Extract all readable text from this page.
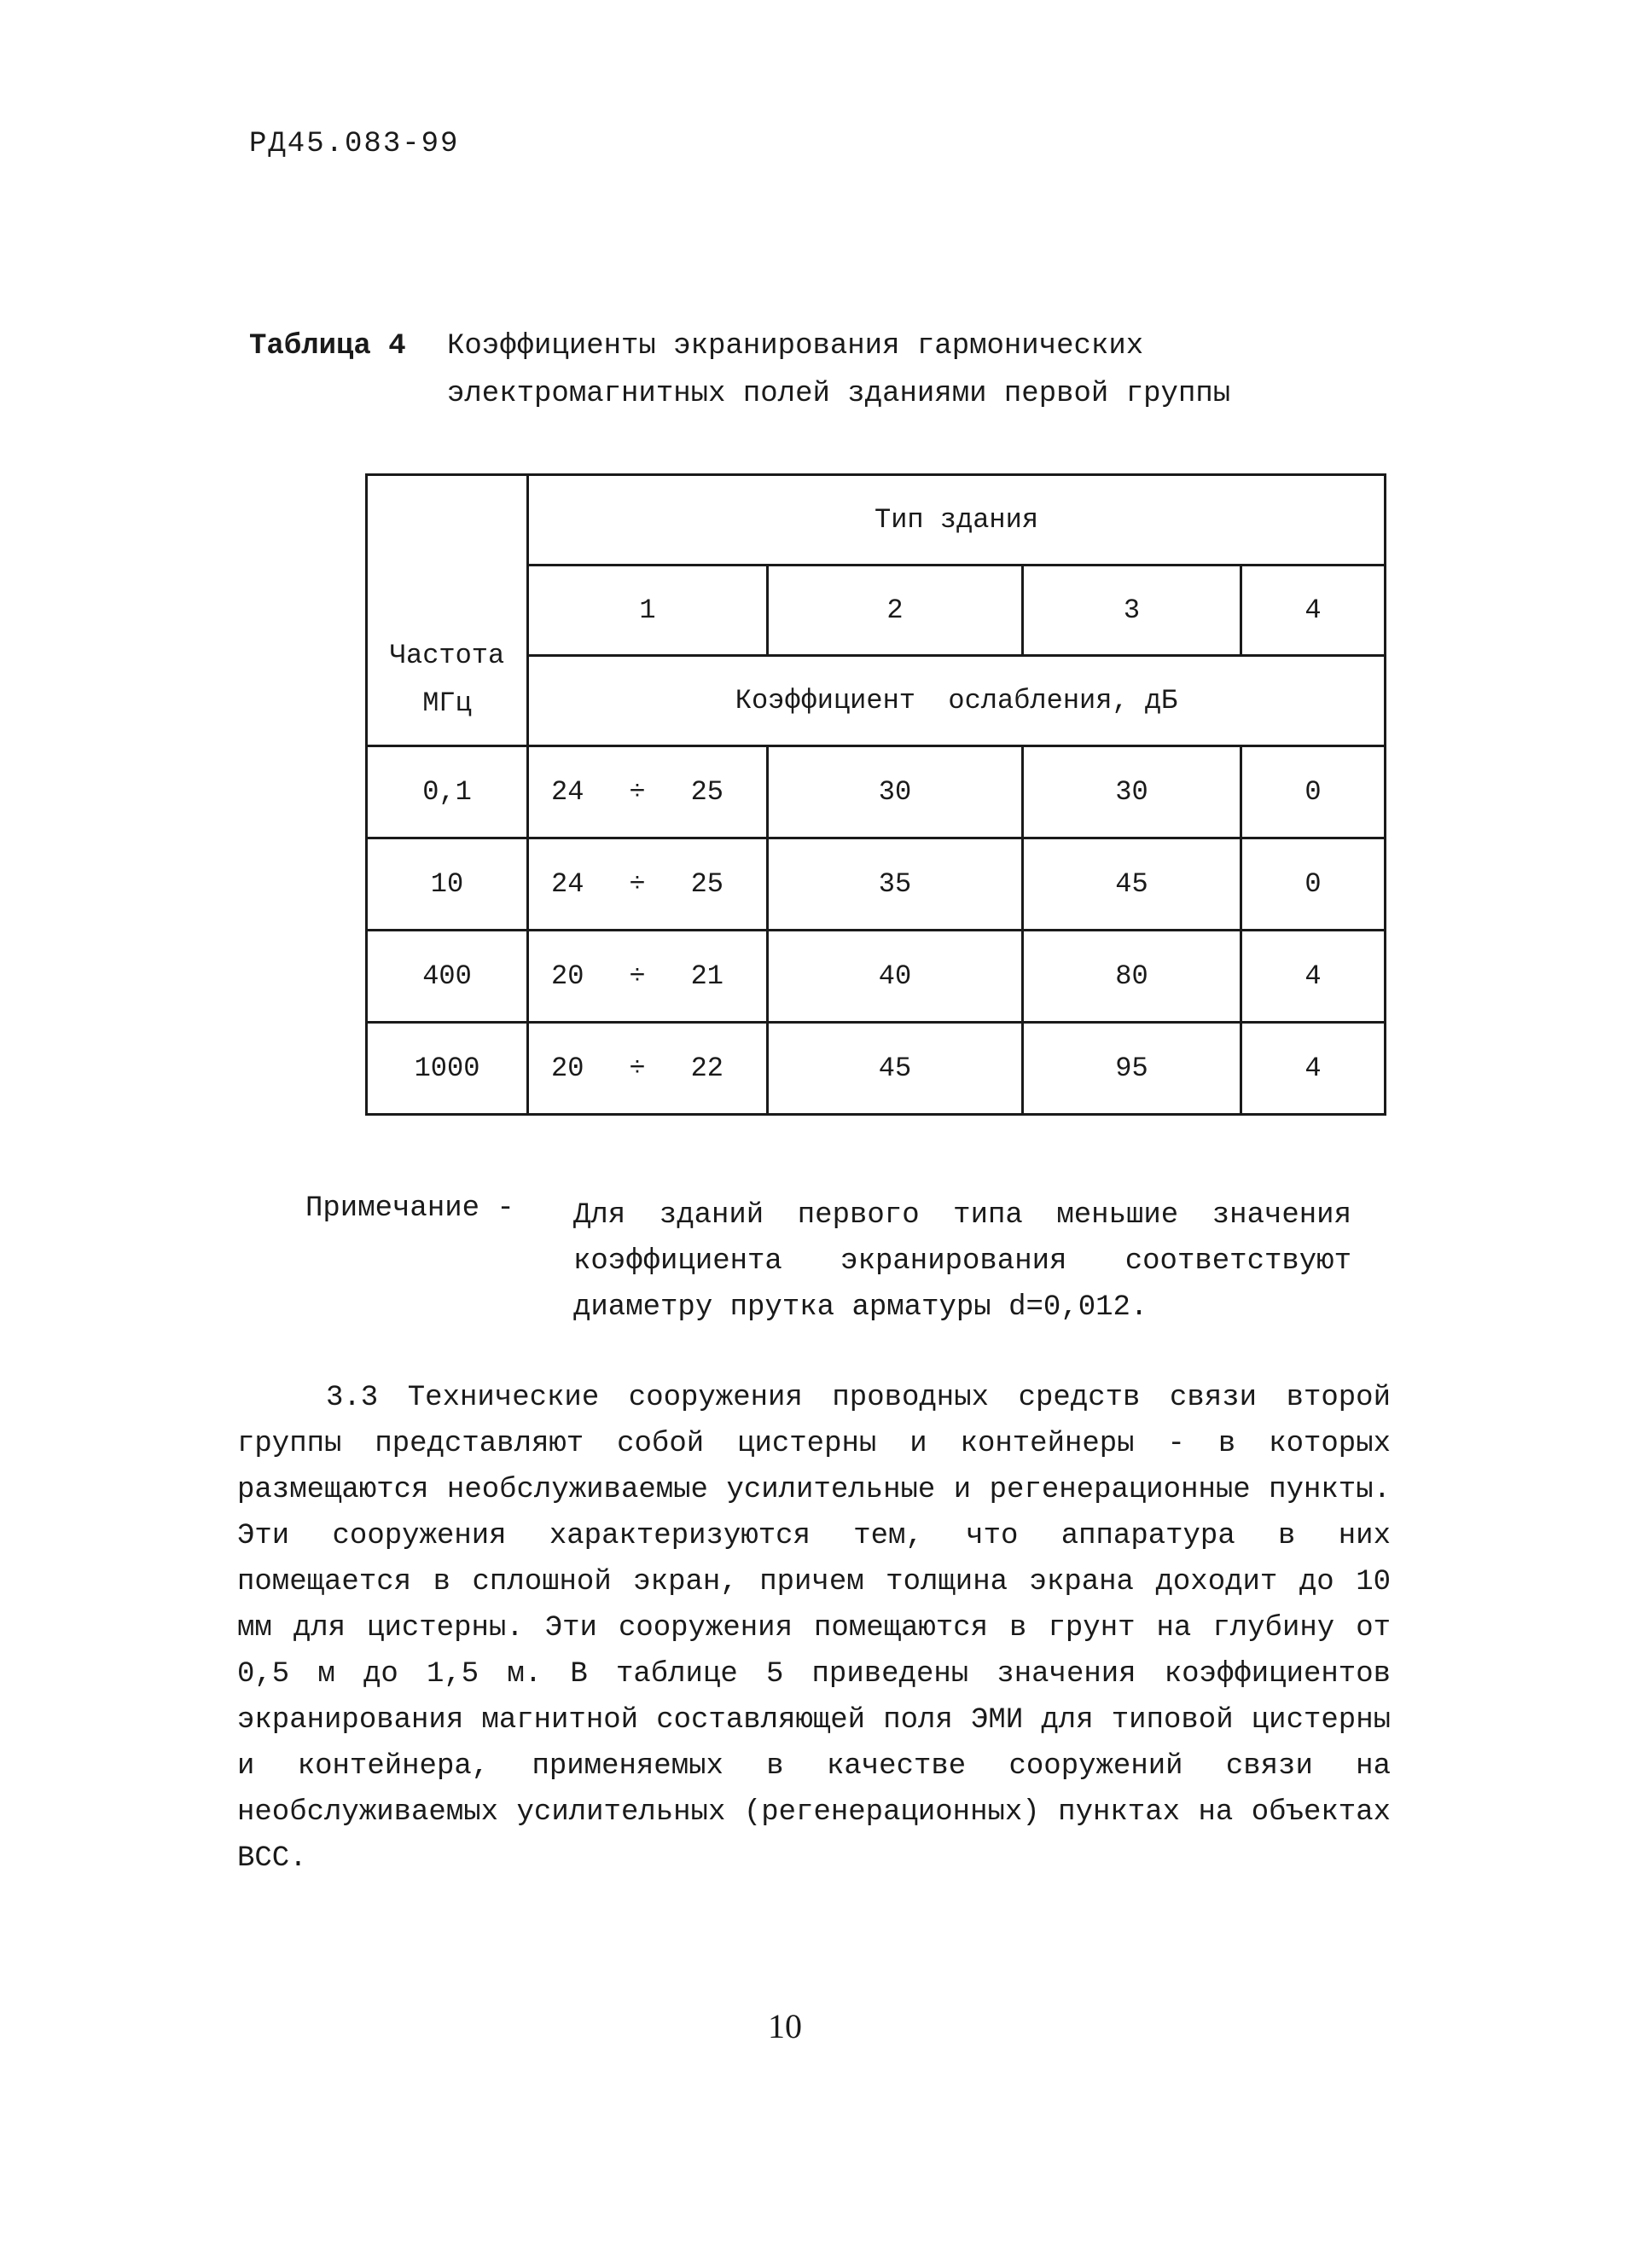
РД45.083-99
Таблица 4 Коэффициенты экранирования гармонических
электромагнитных полей зданиями первой группы
Частота
МГц	Тип здания			
	1	2	3	4
	Коэффициент  ослабления, дБ			
0,1	24 ÷ 25	30	30	0
10	24 ÷ 25	35	45	0
400	20 ÷ 21	40	80	4
1000	20 ÷ 22	45	95	4
Примечание - Для зданий первого типа меньшие значения коэффициента экранирования соответствуют диаметру прутка арматуры d=0,012.
3.3 Технические сооружения проводных средств связи второй группы представляют собой цистерны и контейнеры - в которых размещаются необслуживаемые усилительные и регенерационные пункты. Эти сооружения характеризуются тем, что аппаратура в них помещается в сплошной экран, причем толщина экрана доходит до 10 мм для цистерны. Эти сооружения помещаются в грунт на глубину от 0,5 м до 1,5 м. В таблице 5 приведены значения коэффициентов экранирования магнитной составляющей поля ЭМИ для типовой цистерны и контейнера, применяемых в качестве сооружений связи на необслуживаемых усилительных (регенерационных) пунктах на объектах ВСС.
10
